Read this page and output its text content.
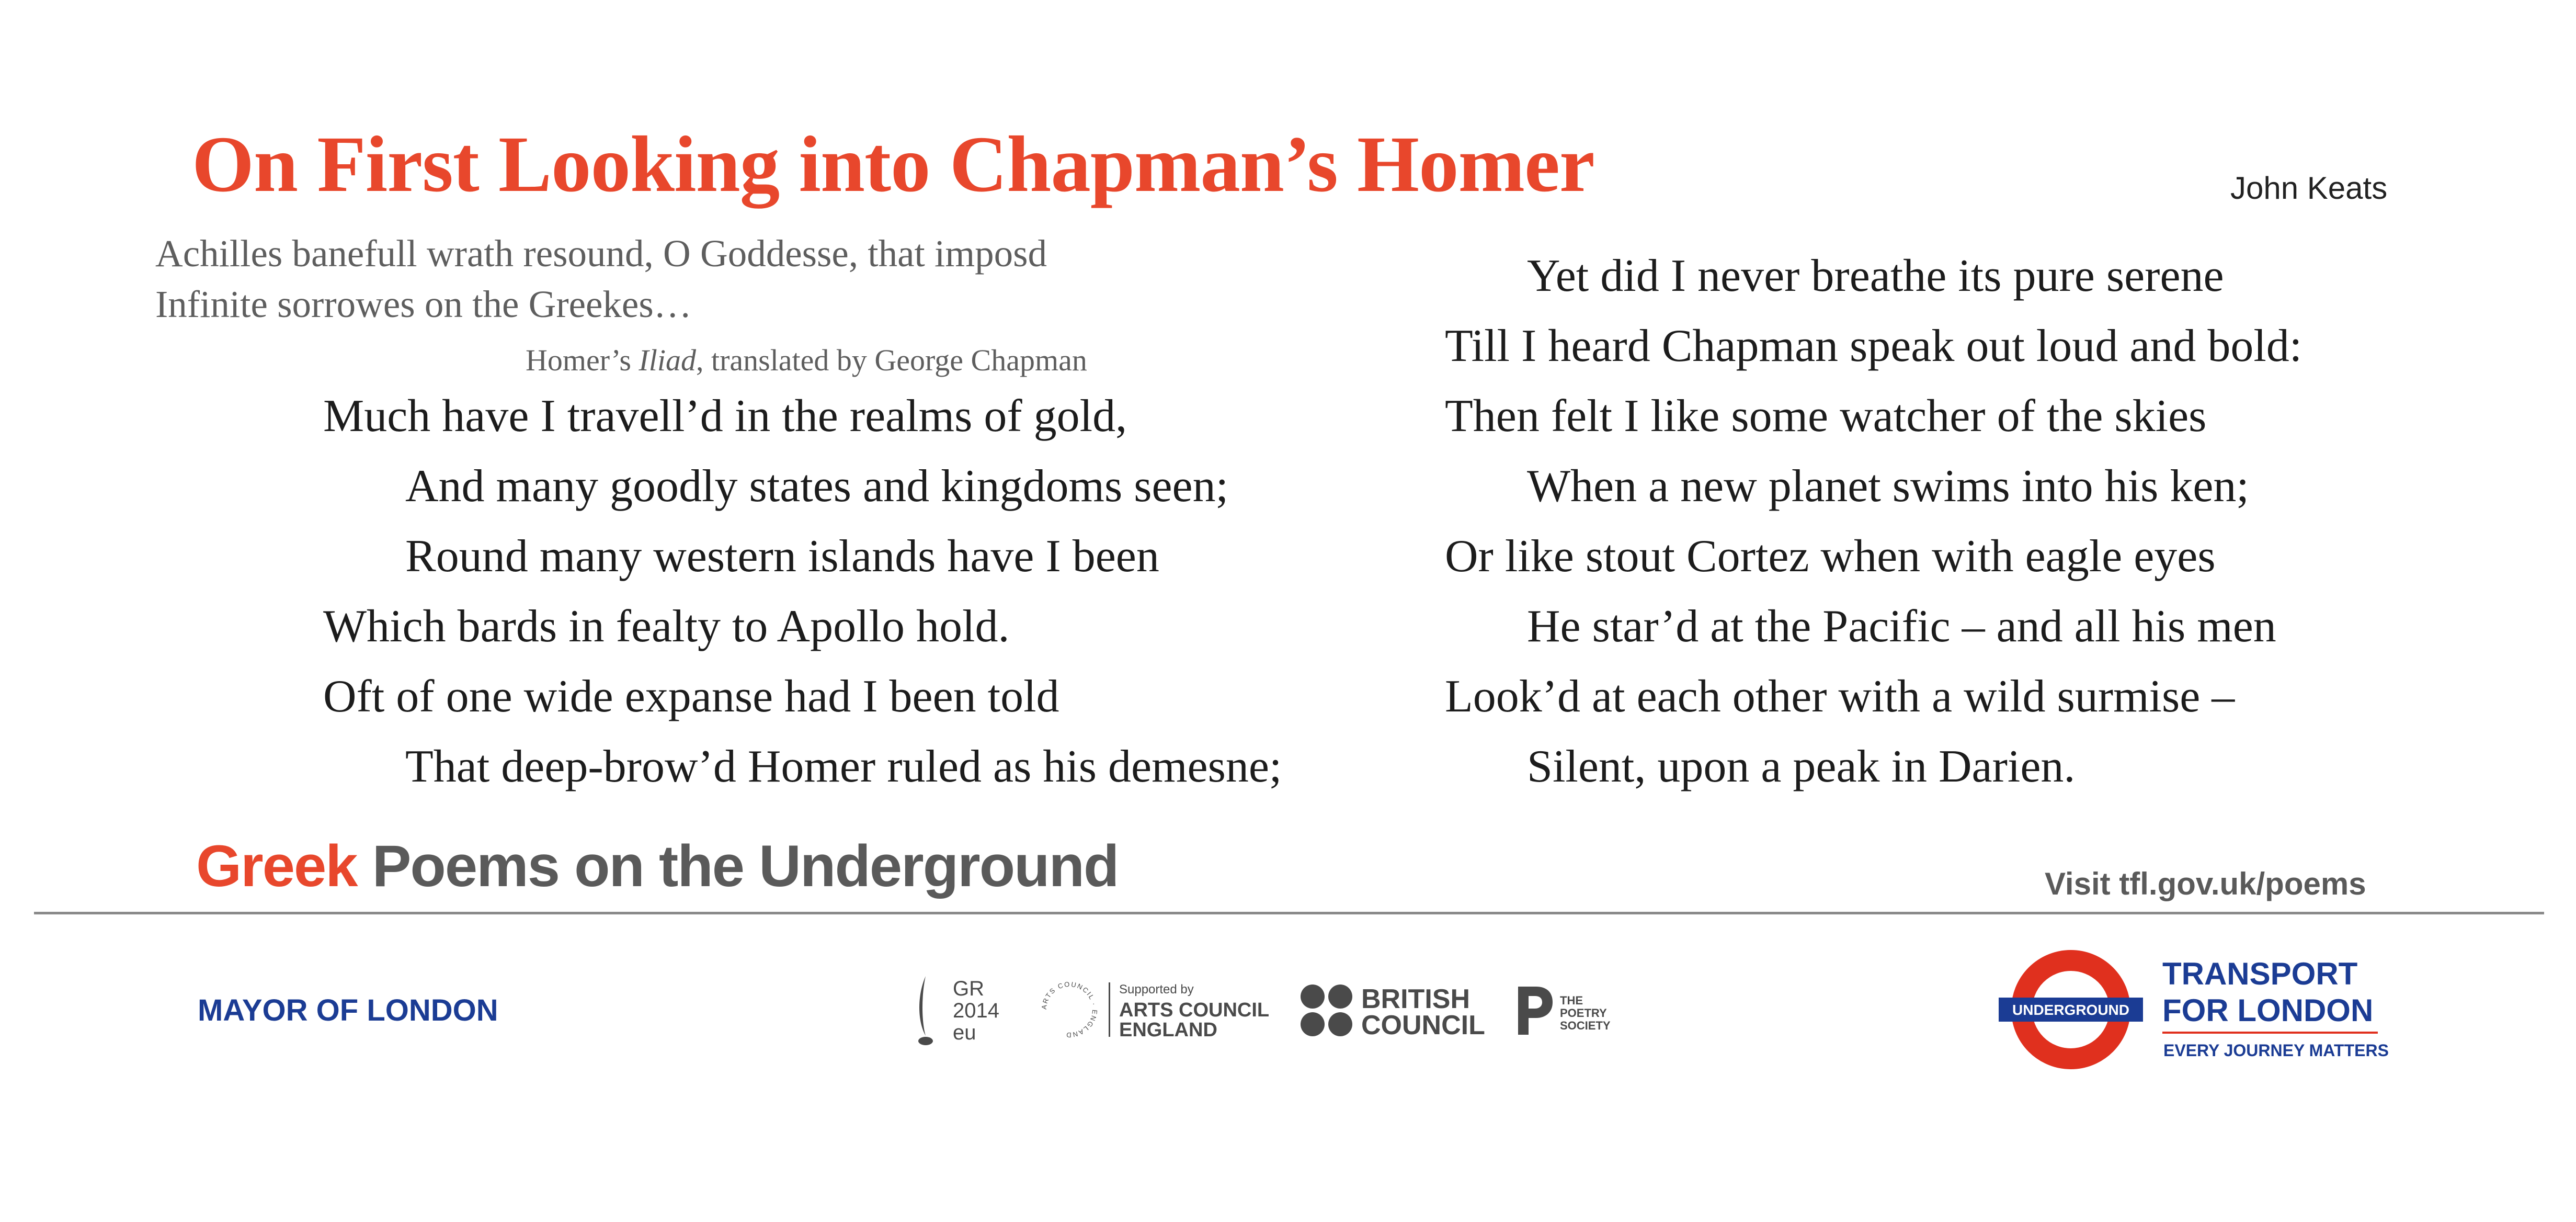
On First Looking into Chapman’s Homer	John Keats
Achilles banefull wrath resound, O Goddesse, that imposd
Infinite sorrowes on the Greekes…
Homer’s Iliad, translated by George Chapman
Much have I travell’d in the realms of gold,
And many goodly states and kingdoms seen;
Round many western islands have I been
Which bards in fealty to Apollo hold.
Oft of one wide expanse had I been told
That deep-brow’d Homer ruled as his demesne;
Yet did I never breathe its pure serene
Till I heard Chapman speak out loud and bold:
Then felt I like some watcher of the skies
When a new planet swims into his ken;
Or like stout Cortez when with eagle eyes
He star’d at the Pacific – and all his men
Look’d at each other with a wild surmise –
Silent, upon a peak in Darien.
Greek Poems on the Underground	Visit tfl.gov.uk/poems
MAYOR OF LONDON
GR
2014
eu
ARTS COUNCIL · ENGLAND
Supported by
ARTS COUNCIL
ENGLAND
BRITISH
COUNCIL
THE
POETRY
SOCIETY
UNDERGROUND
TRANSPORT
FOR LONDON
EVERY JOURNEY MATTERS
